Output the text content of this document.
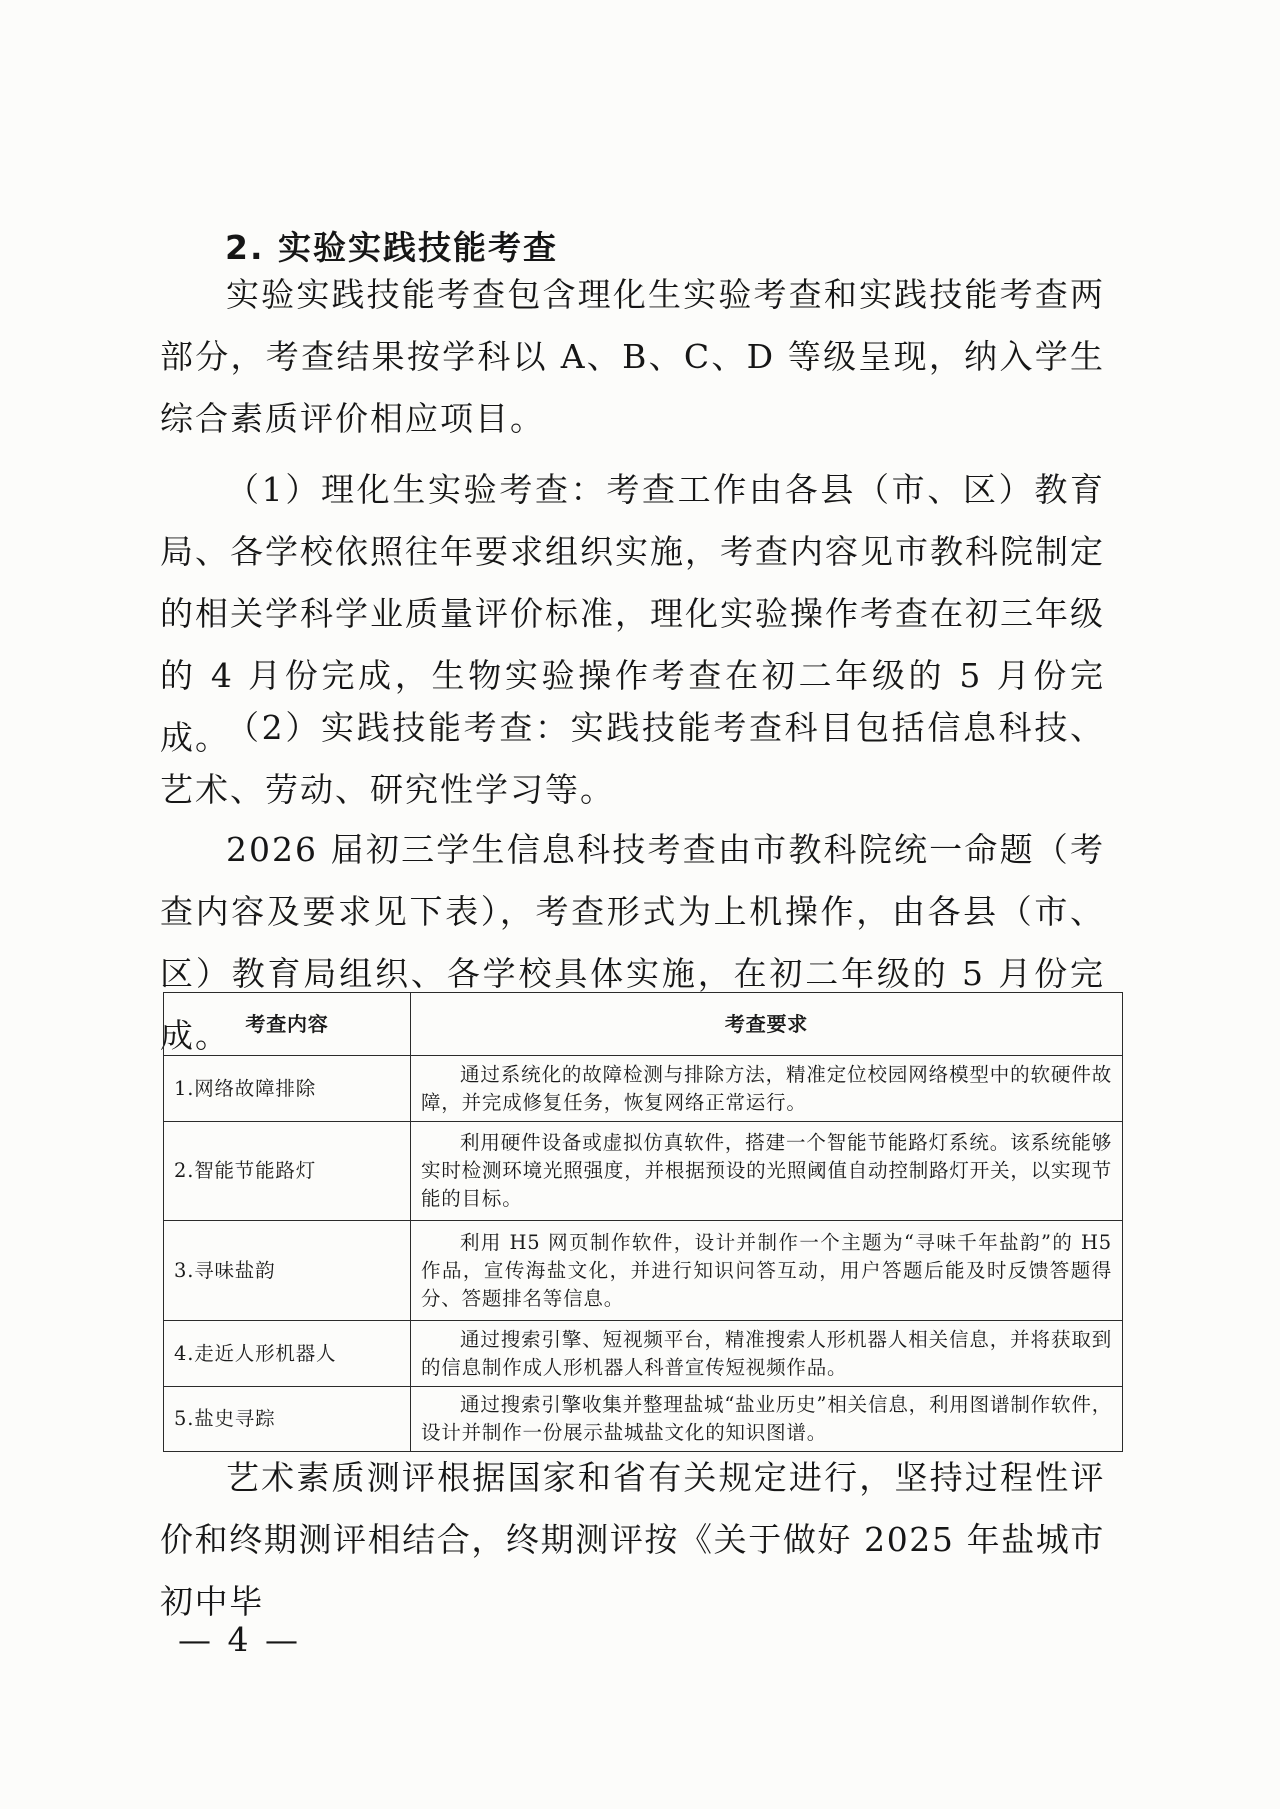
2. 实验实践技能考查
实验实践技能考查包含理化生实验考查和实践技能考查两部分，考查结果按学科以 A、B、C、D 等级呈现，纳入学生综合素质评价相应项目。
（1）理化生实验考查：考查工作由各县（市、区）教育局、各学校依照往年要求组织实施，考查内容见市教科院制定的相关学科学业质量评价标准，理化实验操作考查在初三年级的 4 月份完成，生物实验操作考查在初二年级的 5 月份完成。
（2）实践技能考查：实践技能考查科目包括信息科技、艺术、劳动、研究性学习等。
2026 届初三学生信息科技考查由市教科院统一命题（考查内容及要求见下表），考查形式为上机操作，由各县（市、区）教育局组织、各学校具体实施，在初二年级的 5 月份完成。 考查内容	考查要求
1.网络故障排除	通过系统化的故障检测与排除方法，精准定位校园网络模型中的软硬件故障，并完成修复任务，恢复网络正常运行。
2.智能节能路灯	利用硬件设备或虚拟仿真软件，搭建一个智能节能路灯系统。该系统能够实时检测环境光照强度，并根据预设的光照阈值自动控制路灯开关，以实现节能的目标。
3.寻味盐韵	利用 H5 网页制作软件，设计并制作一个主题为“寻味千年盐韵”的 H5 作品，宣传海盐文化，并进行知识问答互动，用户答题后能及时反馈答题得分、答题排名等信息。
4.走近人形机器人	通过搜索引擎、短视频平台，精准搜索人形机器人相关信息，并将获取到的信息制作成人形机器人科普宣传短视频作品。
5.盐史寻踪	通过搜索引擎收集并整理盐城“盐业历史”相关信息，利用图谱制作软件，设计并制作一份展示盐城盐文化的知识图谱。
艺术素质测评根据国家和省有关规定进行，坚持过程性评价和终期测评相结合，终期测评按《关于做好 2025 年盐城市初中毕
— 4 —
